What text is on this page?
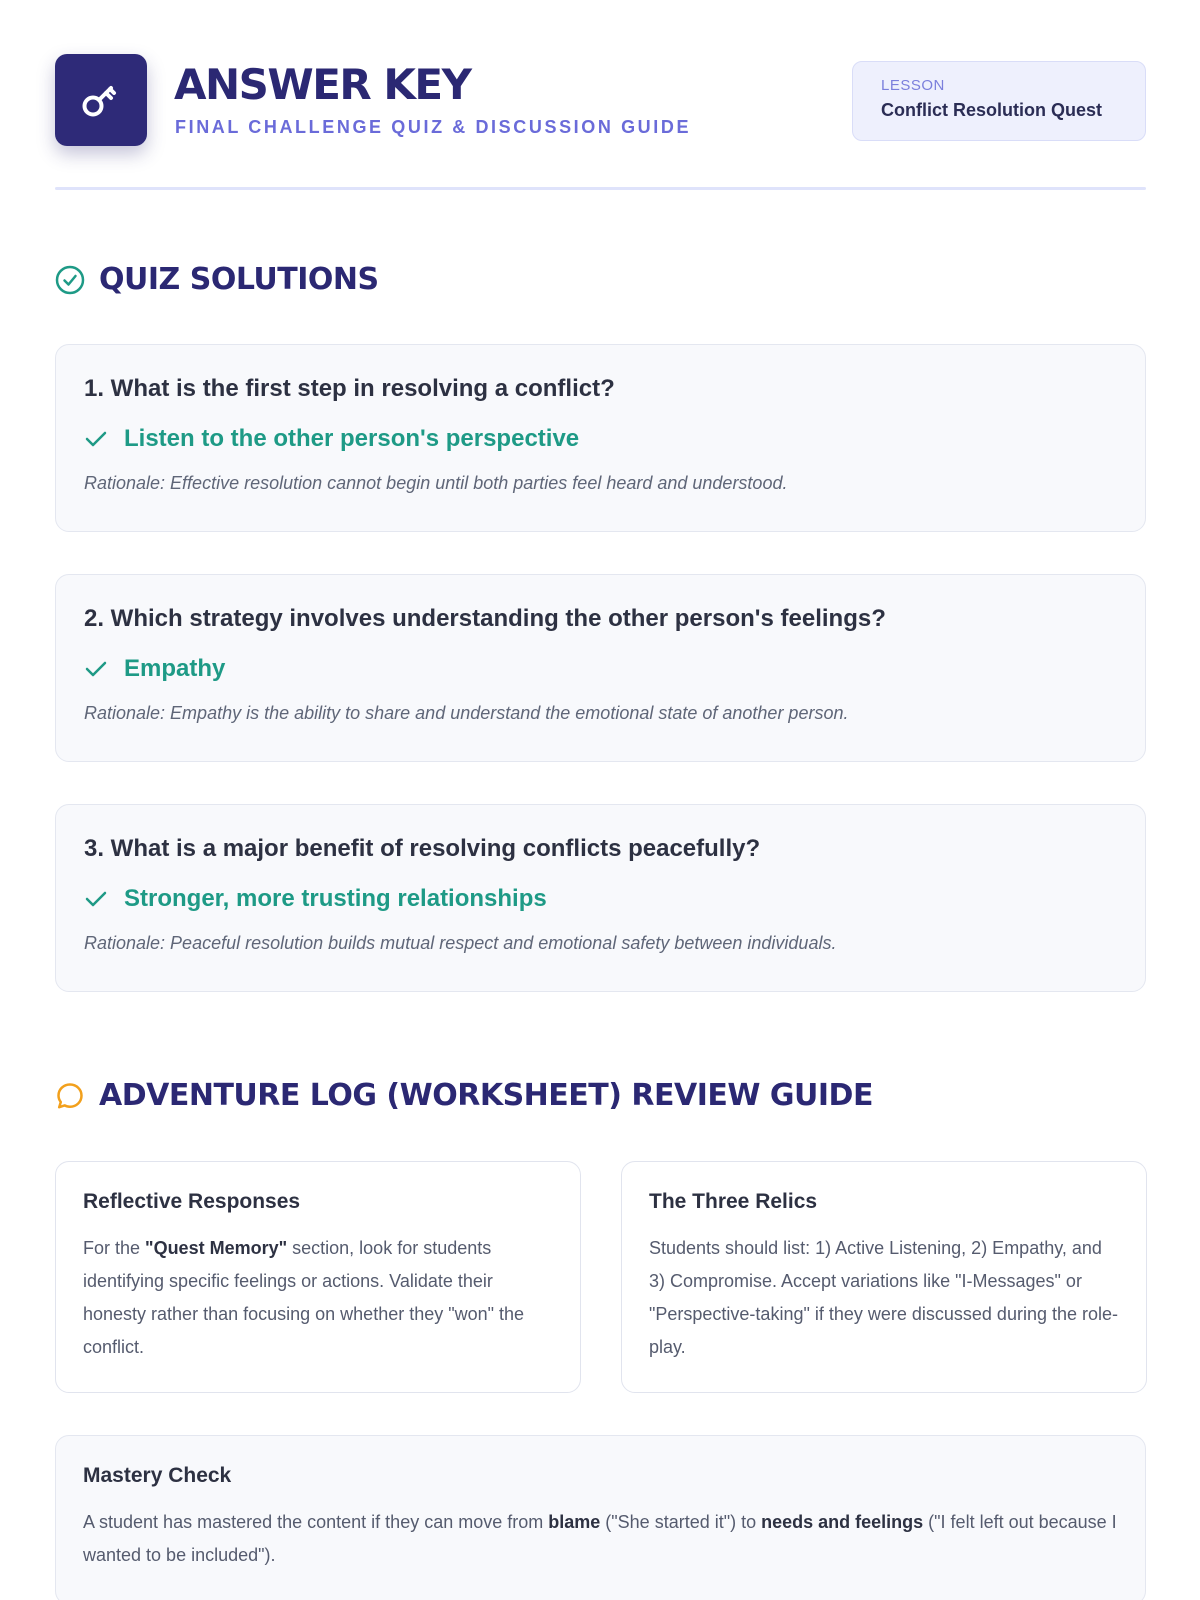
ANSWER KEY
FINAL CHALLENGE QUIZ & DISCUSSION GUIDE
LESSON
Conflict Resolution Quest
QUIZ SOLUTIONS
1. What is the first step in resolving a conflict?
Listen to the other person's perspective
Rationale: Effective resolution cannot begin until both parties feel heard and understood.
2. Which strategy involves understanding the other person's feelings?
Empathy
Rationale: Empathy is the ability to share and understand the emotional state of another person.
3. What is a major benefit of resolving conflicts peacefully?
Stronger, more trusting relationships
Rationale: Peaceful resolution builds mutual respect and emotional safety between individuals.
ADVENTURE LOG (WORKSHEET) REVIEW GUIDE
Reflective Responses

For the "Quest Memory" section, look for students identifying specific feelings or actions. Validate their honesty rather than focusing on whether they "won" the conflict.

The Three Relics

Students should list: 1) Active Listening, 2) Empathy, and 3) Compromise. Accept variations like "I-Messages" or "Perspective-taking" if they were discussed during the role-play.

Mastery Check

A student has mastered the content if they can move from blame ("She started it") to needs and feelings ("I felt left out because I wanted to be included").
